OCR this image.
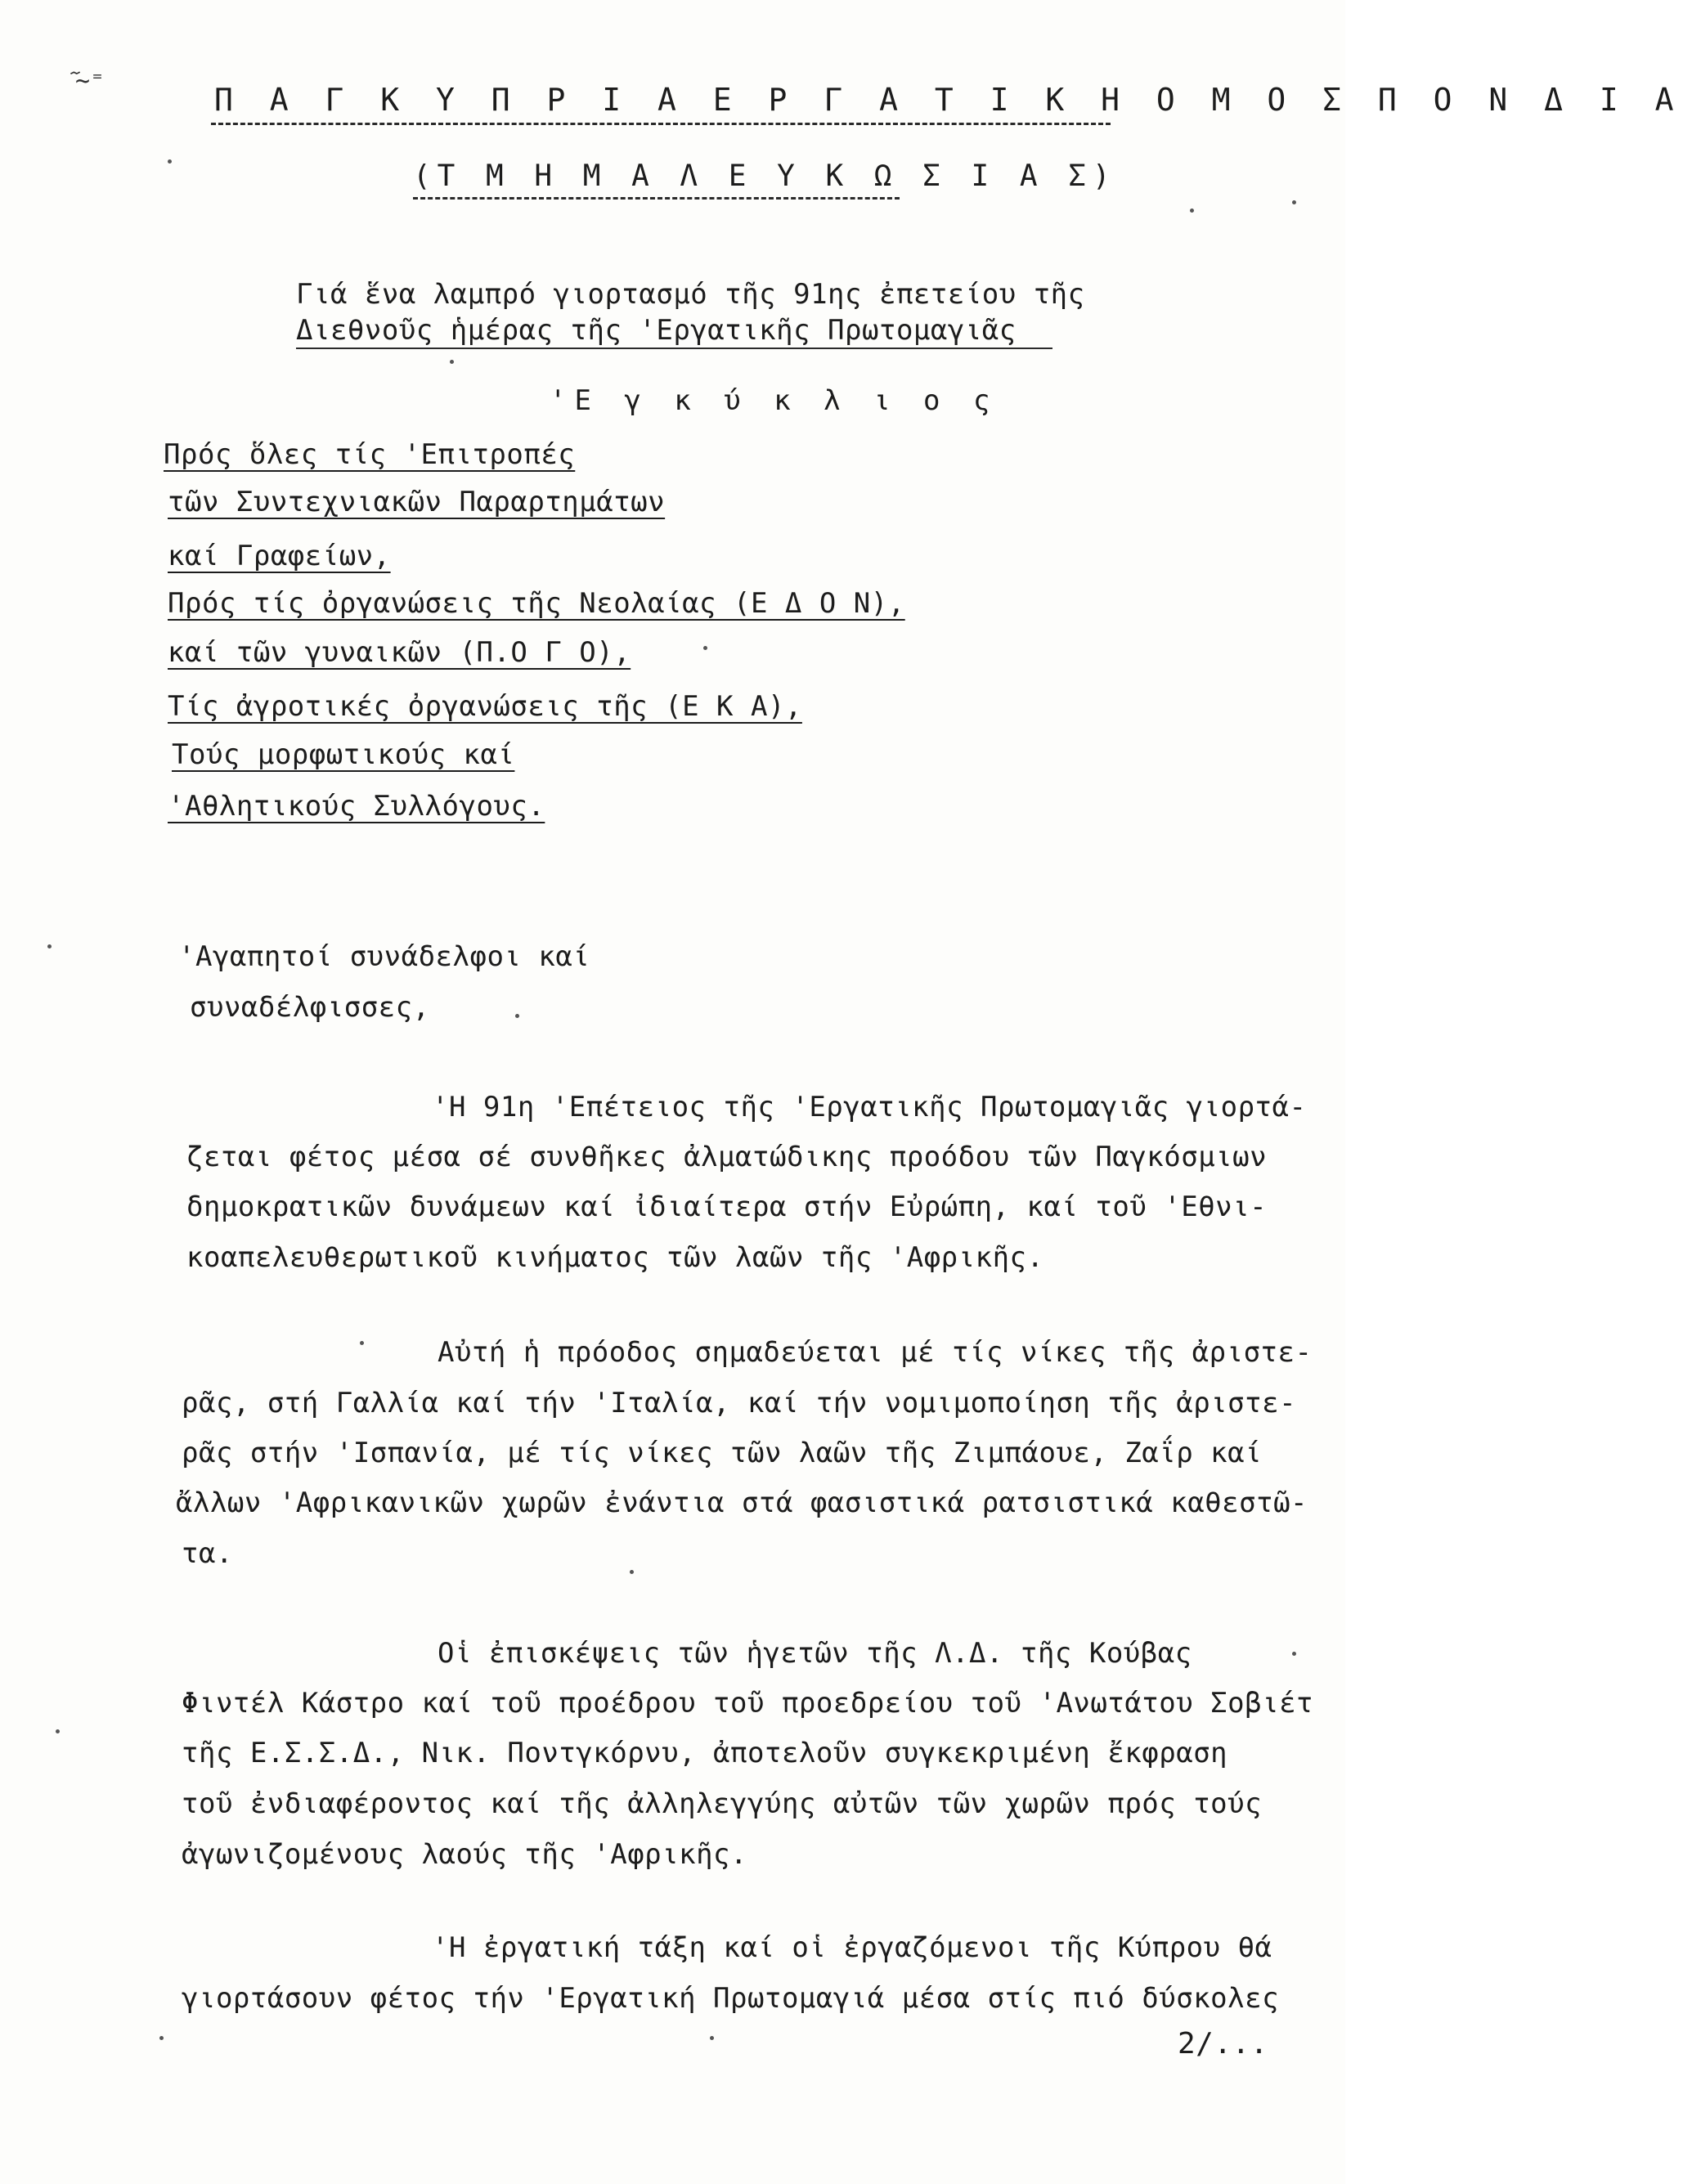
᷉~⁼
Π Α Γ Κ Υ Π Ρ Ι Α Ε Ρ Γ Α Τ Ι Κ Η Ο Μ Ο Σ Π Ο Ν Δ Ι Α
(Τ Μ Η Μ Α Λ Ε Υ Κ Ω Σ Ι Α Σ)
Γιά ἕνα λαμπρό γιορτασμό τῆς 91ης ἐπετείου τῆς
Διεθνοῦς ἡμέρας τῆς 'Εργατικῆς Πρωτομαγιᾶς
'Ε γ κ ύ κ λ ι ο ς
Πρός ὅλες τίς 'Επιτροπές
τῶν Συντεχνιακῶν Παραρτημάτων
καί Γραφείων,
Πρός τίς ὀργανώσεις τῆς Νεολαίας (Ε Δ Ο Ν),
καί τῶν γυναικῶν (Π.Ο Γ Ο),
Τίς ἀγροτικές ὀργανώσεις τῆς (Ε Κ Α),
Τούς μορφωτικούς καί
'Αθλητικούς Συλλόγους.
'Αγαπητοί συνάδελφοι καί
συναδέλφισσες,
'Η 91η 'Επέτειος τῆς 'Εργατικῆς Πρωτομαγιᾶς γιορτά-
ζεται φέτος μέσα σέ συνθῆκες ἀλματώδικης προόδου τῶν Παγκόσμιων
δημοκρατικῶν δυνάμεων καί ἰδιαίτερα στήν Εὐρώπη, καί τοῦ 'Εθνι-
κοαπελευθερωτικοῦ κινήματος τῶν λαῶν τῆς 'Αφρικῆς.
Αὐτή ἡ πρόοδος σημαδεύεται μέ τίς νίκες τῆς ἀριστε-
ρᾶς, στή Γαλλία καί τήν 'Ιταλία, καί τήν νομιμοποίηση τῆς ἀριστε-
ρᾶς στήν 'Ισπανία, μέ τίς νίκες τῶν λαῶν τῆς Ζιμπάουε, Ζαΐρ καί
ἄλλων 'Αφρικανικῶν χωρῶν ἐνάντια στά φασιστικά ρατσιστικά καθεστῶ-
τα.
Οἱ ἐπισκέψεις τῶν ἡγετῶν τῆς Λ.Δ. τῆς Κούβας
Φιντέλ Κάστρο καί τοῦ προέδρου τοῦ προεδρείου τοῦ 'Ανωτάτου Σοβιέτ
τῆς Ε.Σ.Σ.Δ., Νικ. Ποντγκόρνυ, ἀποτελοῦν συγκεκριμένη ἔκφραση
τοῦ ἐνδιαφέροντος καί τῆς ἀλληλεγγύης αὐτῶν τῶν χωρῶν πρός τούς
ἀγωνιζομένους λαούς τῆς 'Αφρικῆς.
'Η ἐργατική τάξη καί οἱ ἐργαζόμενοι τῆς Κύπρου θά
γιορτάσουν φέτος τήν 'Εργατική Πρωτομαγιά μέσα στίς πιό δύσκολες
2/...
